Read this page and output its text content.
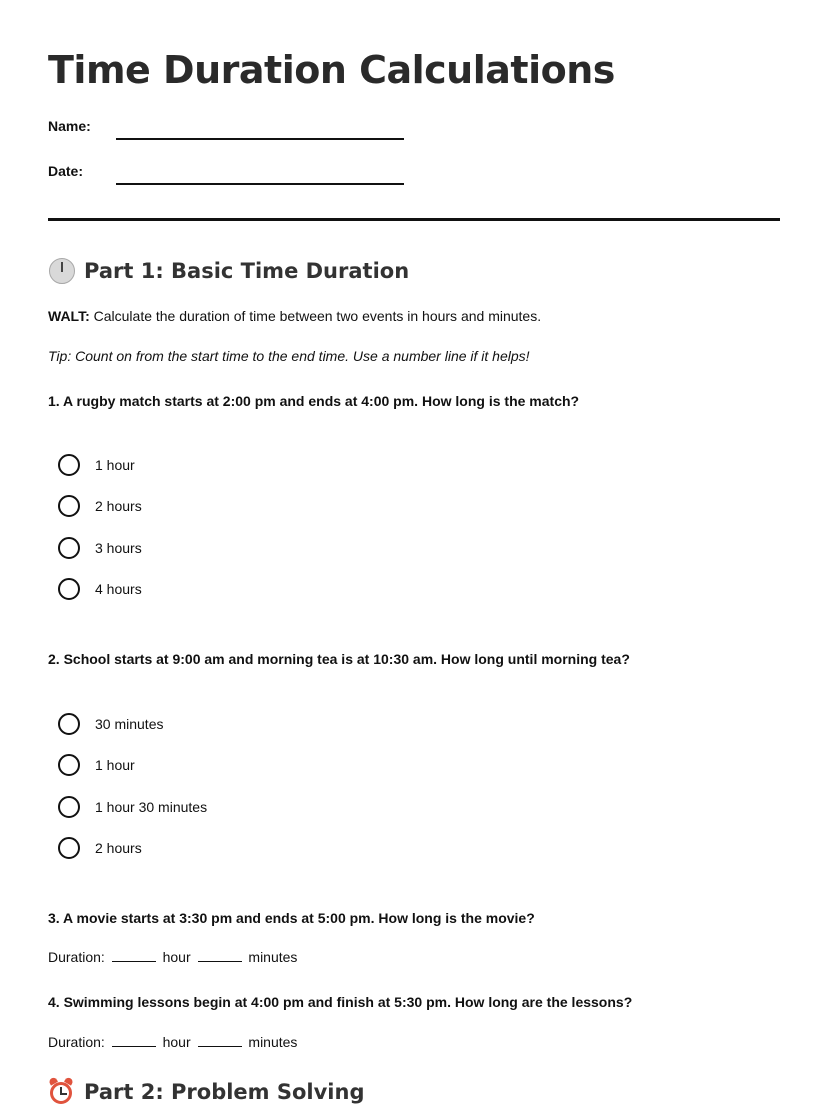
Time Duration Calculations
Name:
Date:
Part 1: Basic Time Duration
WALT: Calculate the duration of time between two events in hours and minutes.
Tip: Count on from the start time to the end time. Use a number line if it helps!
1. A rugby match starts at 2:00 pm and ends at 4:00 pm. How long is the match?
1 hour
2 hours
3 hours
4 hours
2. School starts at 9:00 am and morning tea is at 10:30 am. How long until morning tea?
30 minutes
1 hour
1 hour 30 minutes
2 hours
3. A movie starts at 3:30 pm and ends at 5:00 pm. How long is the movie?
Duration:	hour	minutes
4. Swimming lessons begin at 4:00 pm and finish at 5:30 pm. How long are the lessons?
Duration:	hour	minutes
Part 2: Problem Solving
